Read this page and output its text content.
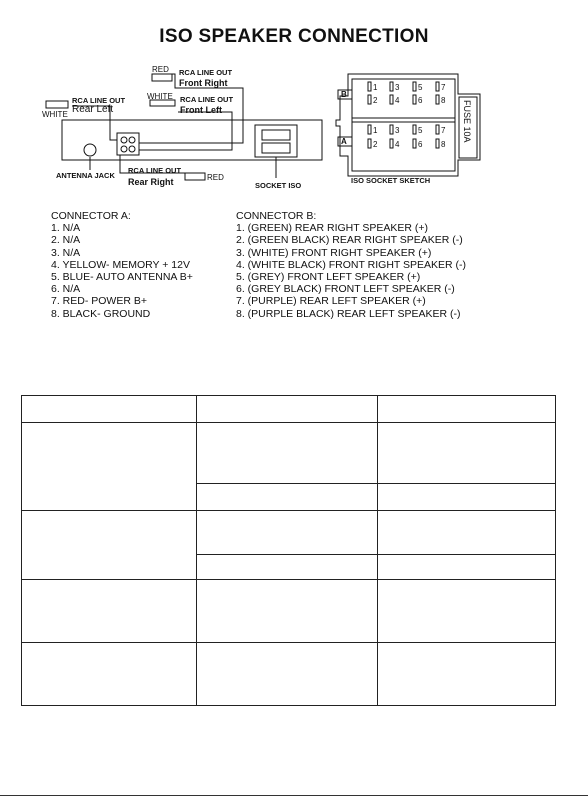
ISO SPEAKER CONNECTION
1 3 5 7
2 4 6 8
1 3 5 7
2 4 6 8
B
A	FUSE 10A
RCA LINE OUT
Rear Left
WHITE
RED RCA LINE OUT
Front Right
WHITE RCA LINE OUT
Front Left
RCA LINE OUT
Rear Right	RED
ANTENNA JACK
SOCKET ISO
ISO SOCKET SKETCH
CONNECTOR A:
1. N/A
2. N/A
3. N/A
4. YELLOW- MEMORY + 12V
5. BLUE- AUTO ANTENNA B+
6. N/A
7. RED- POWER B+
8. BLACK- GROUND
CONNECTOR B:
1. (GREEN) REAR RIGHT SPEAKER (+)
2. (GREEN BLACK) REAR RIGHT SPEAKER (-)
3. (WHITE) FRONT RIGHT SPEAKER (+)
4. (WHITE BLACK) FRONT RIGHT SPEAKER (-)
5. (GREY) FRONT LEFT SPEAKER (+)
6. (GREY BLACK) FRONT LEFT SPEAKER (-)
7. (PURPLE) REAR LEFT SPEAKER (+)
8. (PURPLE BLACK) REAR LEFT SPEAKER (-)
